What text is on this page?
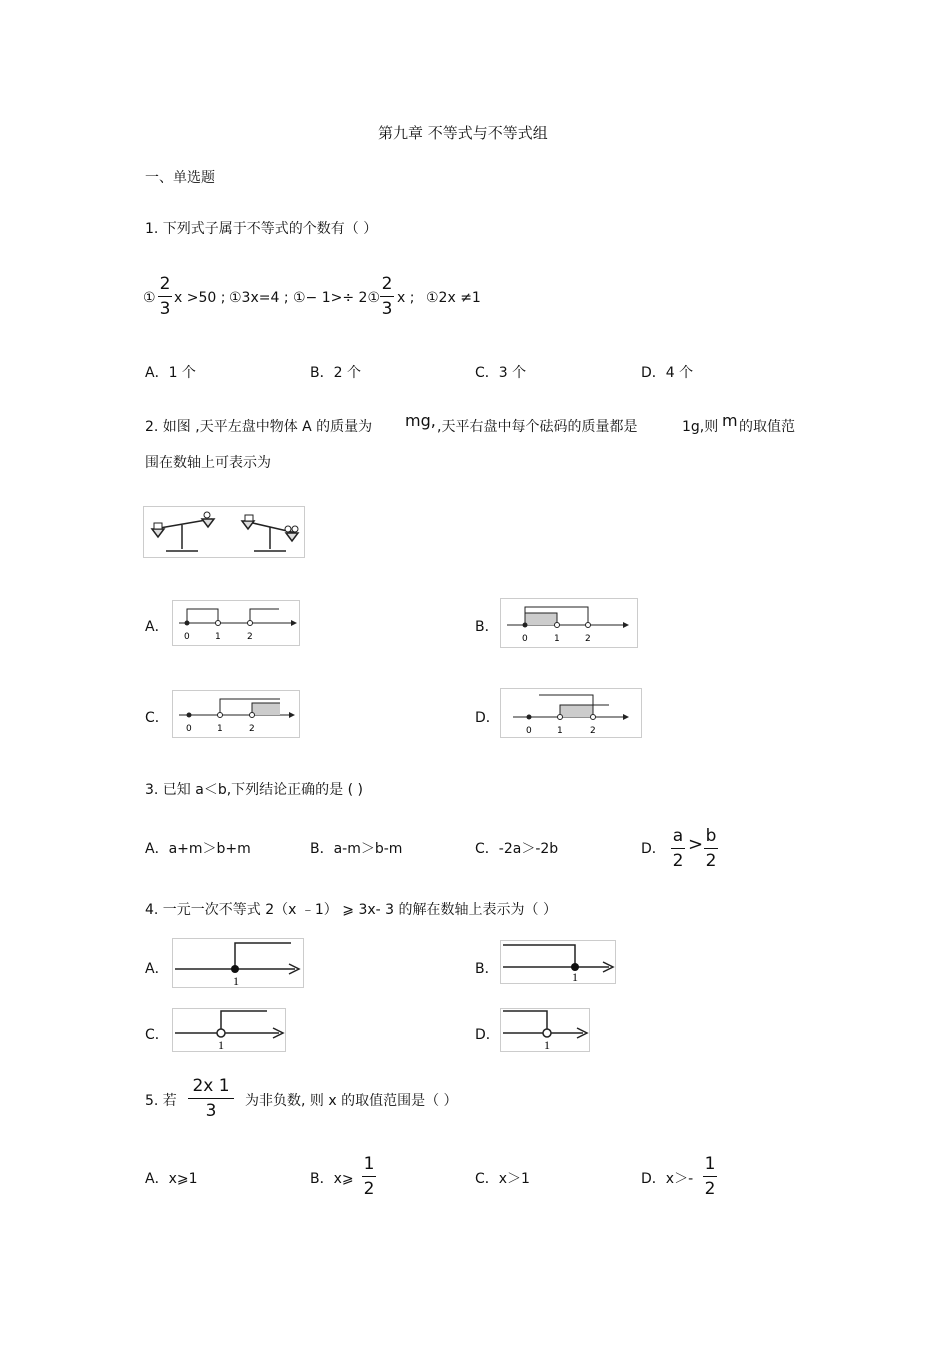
第九章 不等式与不等式组
一、单选题
1. 下列式子属于不等式的个数有（ ）
①
2
3
x >50 ; ①3x=4 ; ①− 1>÷ 2①
2
3
x ; ①2x ≠1
A．1 个	B．2 个	C．3 个	D．4 个
2. 如图 ,天平左盘中物体 A 的质量为 mg, ,天平右盘中每个砝码的质量都是	1g,则 m 的取值范
围在数轴上可表示为
A．
0	1	2
B．
0	1	2
C．
0	1	2
D．
0	1	2
3. 已知 a＜b,下列结论正确的是 ( )
A．a+m＞b+m	B．a-m＞b-m	C．-2a＞-2b	D．
a
2
> b
2
4. 一元一次不等式 2（x ﹣1） ⩾ 3x- 3 的解在数轴上表示为（ ）
A．
1
B．	1
C．
1
D．
1
5. 若
2x 1
3	为非负数, 则 x 的取值范围是（ ）
A．x⩾1	B．x⩾
1
2	C．x＞1	D．x＞-
1
2
